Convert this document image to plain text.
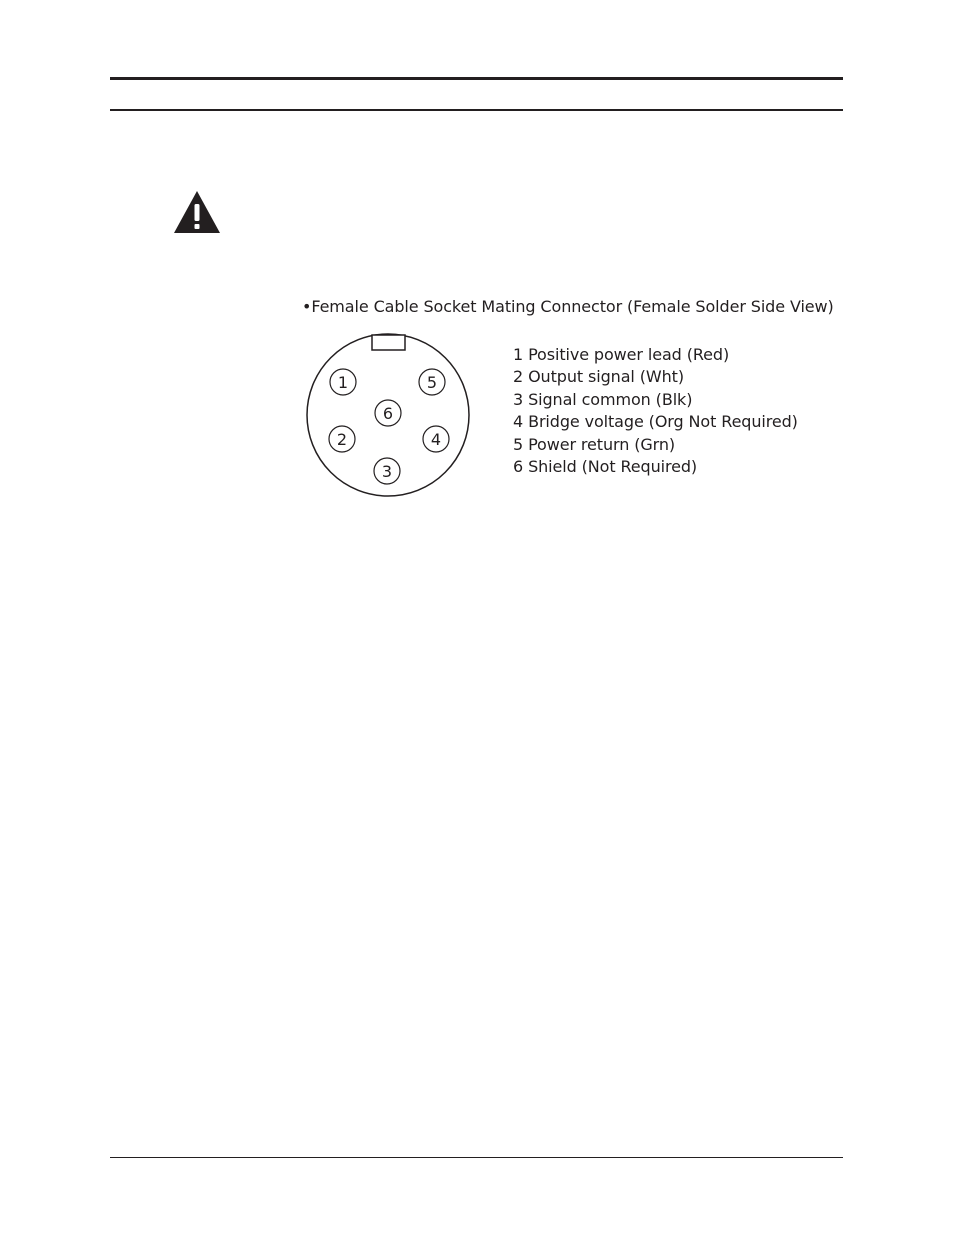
•Female Cable Socket Mating Connector (Female Solder Side View)
1	5
6
2	4
3
1 Positive power lead (Red)
2 Output signal (Wht)
3 Signal common (Blk)
4 Bridge voltage (Org Not Required)
5 Power return (Grn)
6 Shield (Not Required)
